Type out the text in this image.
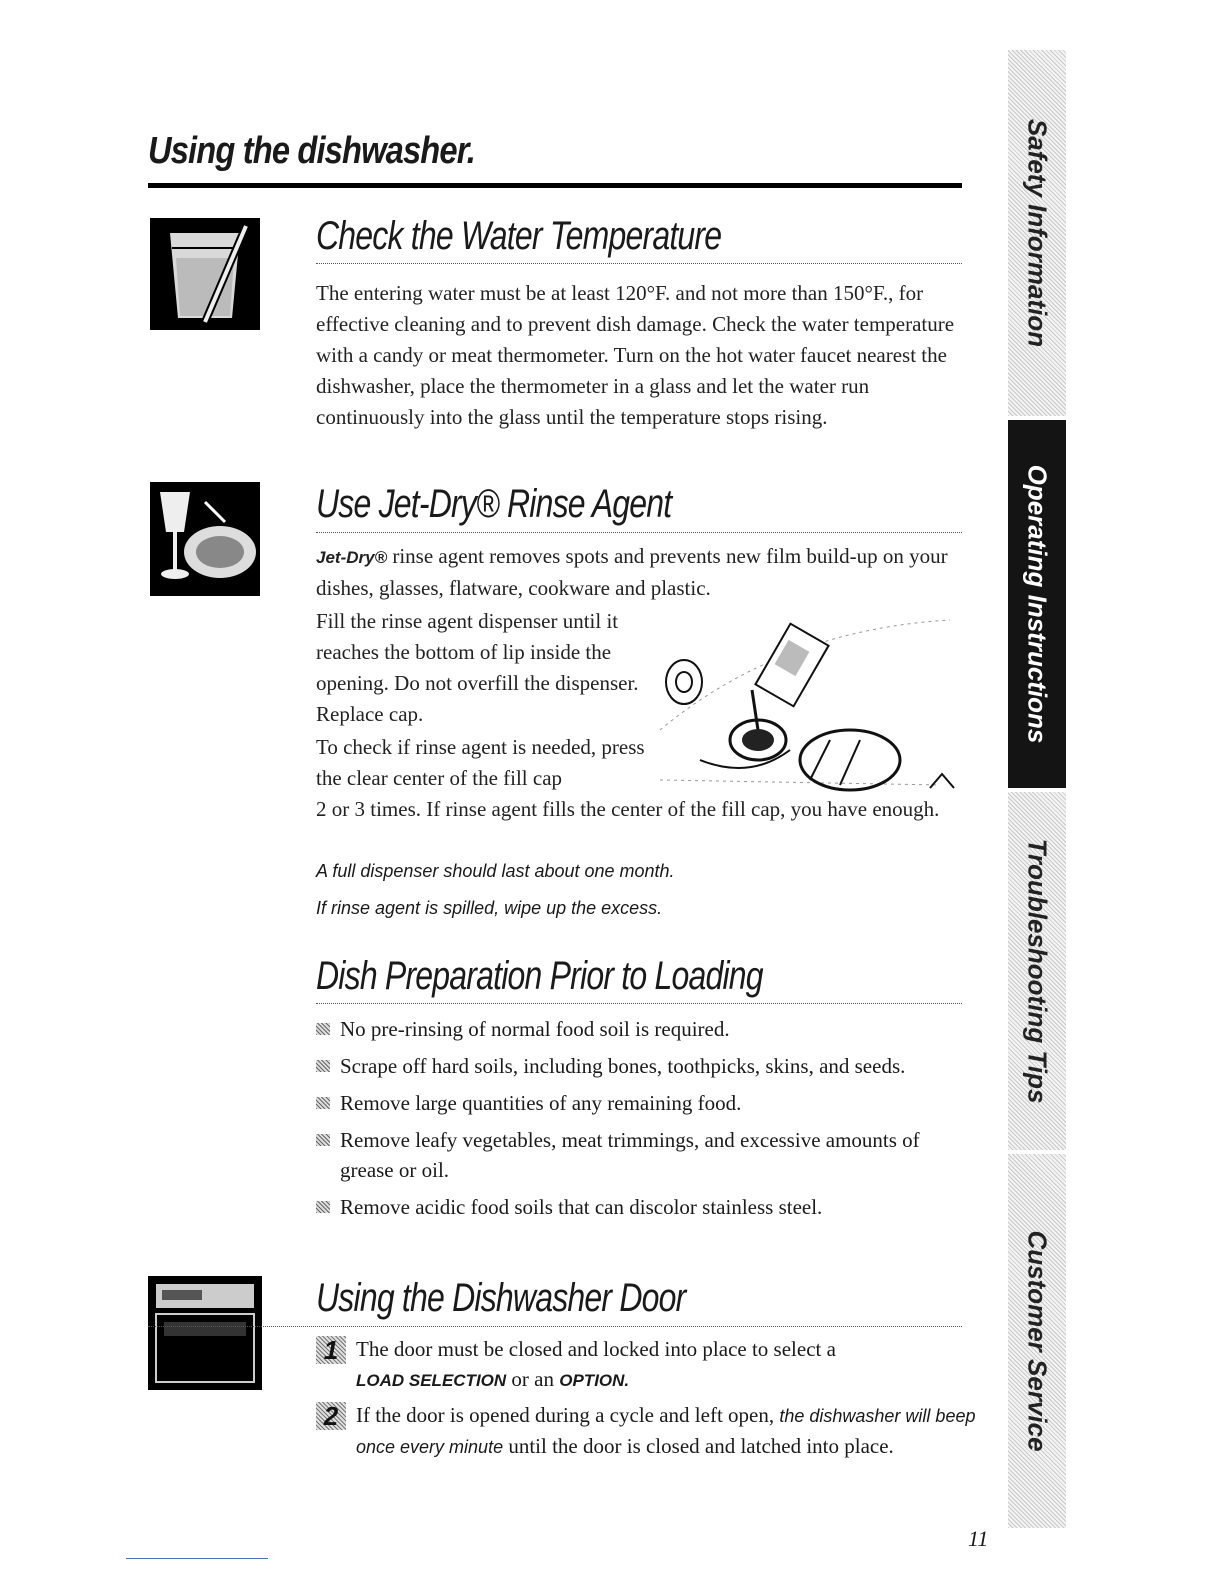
Using the dishwasher.
Check the Water Temperature

The entering water must be at least 120°F. and not more than 150°F., for effective cleaning and to prevent dish damage. Check the water temperature with a candy or meat thermometer. Turn on the hot water faucet nearest the dishwasher, place the thermometer in a glass and let the water run continuously into the glass until the temperature stops rising.

Use Jet-Dry® Rinse Agent

Jet-Dry® rinse agent removes spots and prevents new film build-up on your dishes, glasses, flatware, cookware and plastic.

Fill the rinse agent dispenser until it reaches the bottom of lip inside the opening. Do not overfill the dispenser. Replace cap.

To check if rinse agent is needed, press the clear center of the fill cap

2 or 3 times. If rinse agent fills the center of the fill cap, you have enough.

A full dispenser should last about one month.

If rinse agent is spilled, wipe up the excess.

Dish Preparation Prior to Loading
No pre-rinsing of normal food soil is required.
Scrape off hard soils, including bones, toothpicks, skins, and seeds.
Remove large quantities of any remaining food.
Remove leafy vegetables, meat trimmings, and excessive amounts of grease or oil.
Remove acidic food soils that can discolor stainless steel.
Using the Dishwasher Door
1 The door must be closed and locked into place to select a
LOAD SELECTION or an OPTION.
2 If the door is opened during a cycle and left open, the dishwasher will beep once every minute until the door is closed and latched into place.
Safety Information
Operating Instructions
Troubleshooting Tips
Customer Service
11
